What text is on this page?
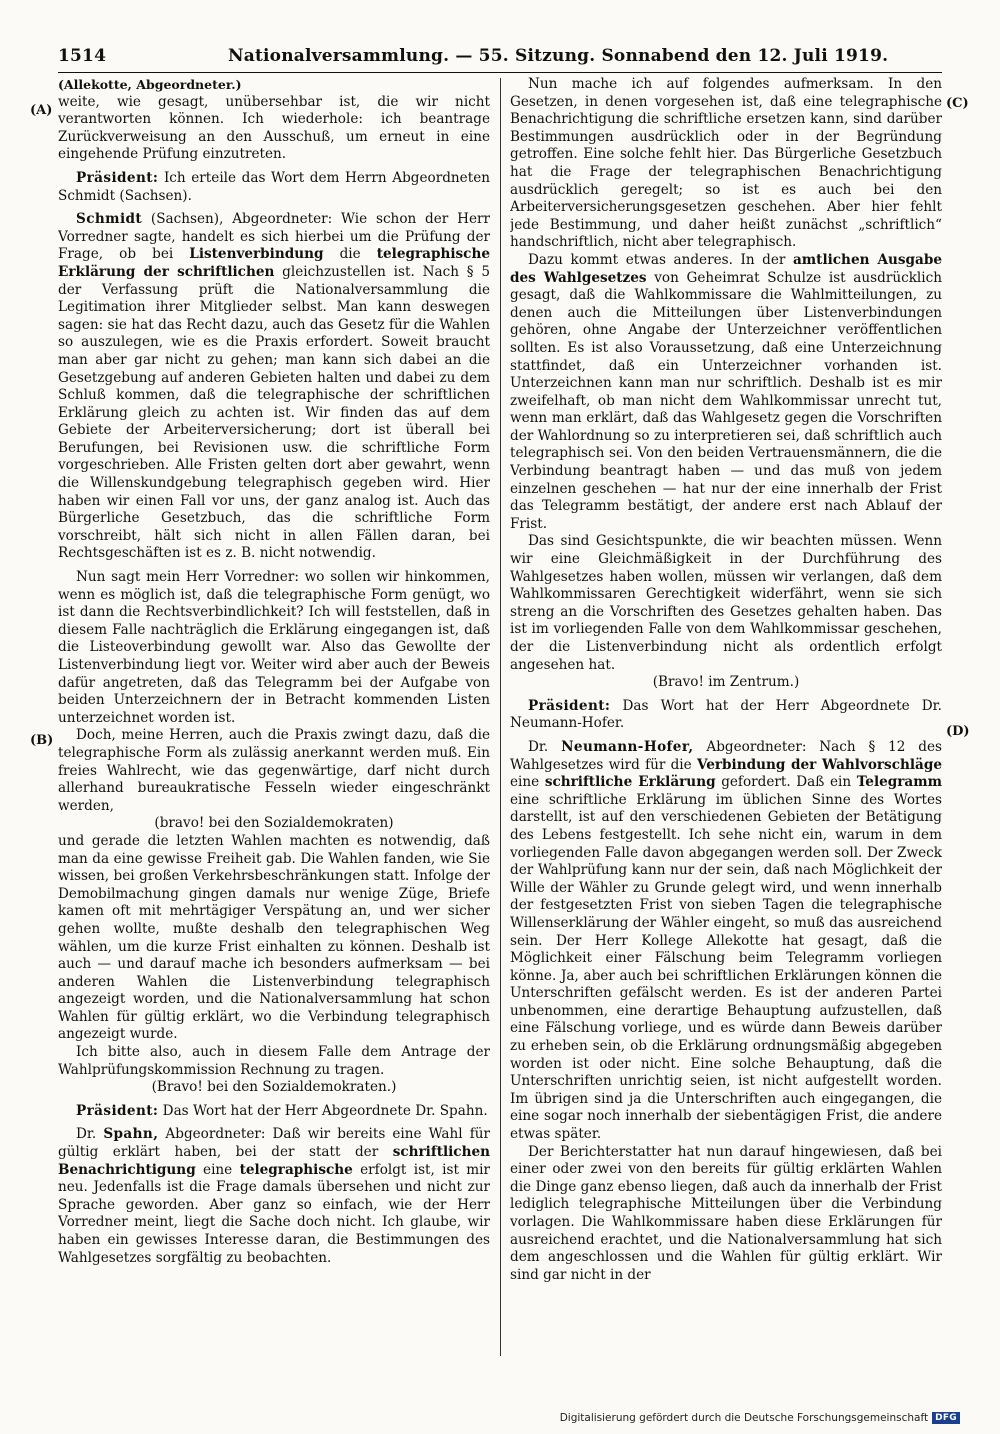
1514	Nationalversammlung. — 55. Sitzung. Sonnabend den 12. Juli 1919.
(A)
(B)
(C)
(D)

(Allekotte, Abgeordneter.)

weite, wie gesagt, unübersehbar ist, die wir nicht verantworten können. Ich wiederhole: ich beantrage Zurückverweisung an den Ausschuß, um erneut in eine eingehende Prüfung einzutreten.

Präsident: Ich erteile das Wort dem Herrn Abgeordneten Schmidt (Sachsen).

Schmidt (Sachsen), Abgeordneter: Wie schon der Herr Vorredner sagte, handelt es sich hierbei um die Prüfung der Frage, ob bei Listenverbindung die telegraphische Erklärung der schriftlichen gleichzustellen ist. Nach § 5 der Verfassung prüft die Nationalversammlung die Legitimation ihrer Mitglieder selbst. Man kann deswegen sagen: sie hat das Recht dazu, auch das Gesetz für die Wahlen so auszulegen, wie es die Praxis erfordert. Soweit braucht man aber gar nicht zu gehen; man kann sich dabei an die Gesetzgebung auf anderen Gebieten halten und dabei zu dem Schluß kommen, daß die telegraphische der schriftlichen Erklärung gleich zu achten ist. Wir finden das auf dem Gebiete der Arbeiterversicherung; dort ist überall bei Berufungen, bei Revisionen usw. die schriftliche Form vorgeschrieben. Alle Fristen gelten dort aber gewahrt, wenn die Willenskundgebung telegraphisch gegeben wird. Hier haben wir einen Fall vor uns, der ganz analog ist. Auch das Bürgerliche Gesetzbuch, das die schriftliche Form vorschreibt, hält sich nicht in allen Fällen daran, bei Rechtsgeschäften ist es z. B. nicht notwendig.

Nun sagt mein Herr Vorredner: wo sollen wir hinkommen, wenn es möglich ist, daß die telegraphische Form genügt, wo ist dann die Rechtsverbindlichkeit? Ich will feststellen, daß in diesem Falle nachträglich die Erklärung eingegangen ist, daß die Listeoverbindung gewollt war. Also das Gewollte der Listenverbindung liegt vor. Weiter wird aber auch der Beweis dafür angetreten, daß das Telegramm bei der Aufgabe von beiden Unterzeichnern der in Betracht kommenden Listen unterzeichnet worden ist.

Doch, meine Herren, auch die Praxis zwingt dazu, daß die telegraphische Form als zulässig anerkannt werden muß. Ein freies Wahlrecht, wie das gegenwärtige, darf nicht durch allerhand bureaukratische Fesseln wieder eingeschränkt werden,

(bravo! bei den Sozialdemokraten)

und gerade die letzten Wahlen machten es notwendig, daß man da eine gewisse Freiheit gab. Die Wahlen fanden, wie Sie wissen, bei großen Verkehrsbeschränkungen statt. Infolge der Demobilmachung gingen damals nur wenige Züge, Briefe kamen oft mit mehrtägiger Verspätung an, und wer sicher gehen wollte, mußte deshalb den telegraphischen Weg wählen, um die kurze Frist einhalten zu können. Deshalb ist auch — und darauf mache ich besonders aufmerksam — bei anderen Wahlen die Listenverbindung telegraphisch angezeigt worden, und die Nationalversammlung hat schon Wahlen für gültig erklärt, wo die Verbindung telegraphisch angezeigt wurde.

Ich bitte also, auch in diesem Falle dem Antrage der Wahlprüfungskommission Rechnung zu tragen.

(Bravo! bei den Sozialdemokraten.)

Präsident: Das Wort hat der Herr Abgeordnete Dr. Spahn.

Dr. Spahn, Abgeordneter: Daß wir bereits eine Wahl für gültig erklärt haben, bei der statt der schriftlichen Benachrichtigung eine telegraphische erfolgt ist, ist mir neu. Jedenfalls ist die Frage damals übersehen und nicht zur Sprache geworden. Aber ganz so einfach, wie der Herr Vorredner meint, liegt die Sache doch nicht. Ich glaube, wir haben ein gewisses Interesse daran, die Bestimmungen des Wahlgesetzes sorgfältig zu beobachten.

Nun mache ich auf folgendes aufmerksam. In den Gesetzen, in denen vorgesehen ist, daß eine telegraphische Benachrichtigung die schriftliche ersetzen kann, sind darüber Bestimmungen ausdrücklich oder in der Begründung getroffen. Eine solche fehlt hier. Das Bürgerliche Gesetzbuch hat die Frage der telegraphischen Benachrichtigung ausdrücklich geregelt; so ist es auch bei den Arbeiterversicherungsgesetzen geschehen. Aber hier fehlt jede Bestimmung, und daher heißt zunächst „schriftlich“ handschriftlich, nicht aber telegraphisch.

Dazu kommt etwas anderes. In der amtlichen Ausgabe des Wahlgesetzes von Geheimrat Schulze ist ausdrücklich gesagt, daß die Wahlkommissare die Wahlmitteilungen, zu denen auch die Mitteilungen über Listenverbindungen gehören, ohne Angabe der Unterzeichner veröffentlichen sollten. Es ist also Voraussetzung, daß eine Unterzeichnung stattfindet, daß ein Unterzeichner vorhanden ist. Unterzeichnen kann man nur schriftlich. Deshalb ist es mir zweifelhaft, ob man nicht dem Wahlkommissar unrecht tut, wenn man erklärt, daß das Wahlgesetz gegen die Vorschriften der Wahlordnung so zu interpretieren sei, daß schriftlich auch telegraphisch sei. Von den beiden Vertrauensmännern, die die Verbindung beantragt haben — und das muß von jedem einzelnen geschehen — hat nur der eine innerhalb der Frist das Telegramm bestätigt, der andere erst nach Ablauf der Frist.

Das sind Gesichtspunkte, die wir beachten müssen. Wenn wir eine Gleichmäßigkeit in der Durchführung des Wahlgesetzes haben wollen, müssen wir verlangen, daß dem Wahlkommissaren Gerechtigkeit widerfährt, wenn sie sich streng an die Vorschriften des Gesetzes gehalten haben. Das ist im vorliegenden Falle von dem Wahlkommissar geschehen, der die Listenverbindung nicht als ordentlich erfolgt angesehen hat.

(Bravo! im Zentrum.)

Präsident: Das Wort hat der Herr Abgeordnete Dr. Neumann-Hofer.

Dr. Neumann-Hofer, Abgeordneter: Nach § 12 des Wahlgesetzes wird für die Verbindung der Wahlvorschläge eine schriftliche Erklärung gefordert. Daß ein Telegramm eine schriftliche Erklärung im üblichen Sinne des Wortes darstellt, ist auf den verschiedenen Gebieten der Betätigung des Lebens festgestellt. Ich sehe nicht ein, warum in dem vorliegenden Falle davon abgegangen werden soll. Der Zweck der Wahlprüfung kann nur der sein, daß nach Möglichkeit der Wille der Wähler zu Grunde gelegt wird, und wenn innerhalb der festgesetzten Frist von sieben Tagen die telegraphische Willenserklärung der Wähler eingeht, so muß das ausreichend sein. Der Herr Kollege Allekotte hat gesagt, daß die Möglichkeit einer Fälschung beim Telegramm vorliegen könne. Ja, aber auch bei schriftlichen Erklärungen können die Unterschriften gefälscht werden. Es ist der anderen Partei unbenommen, eine derartige Behauptung aufzustellen, daß eine Fälschung vorliege, und es würde dann Beweis darüber zu erheben sein, ob die Erklärung ordnungsmäßig abgegeben worden ist oder nicht. Eine solche Behauptung, daß die Unterschriften unrichtig seien, ist nicht aufgestellt worden. Im übrigen sind ja die Unterschriften auch eingegangen, die eine sogar noch innerhalb der siebentägigen Frist, die andere etwas später.

Der Berichterstatter hat nun darauf hingewiesen, daß bei einer oder zwei von den bereits für gültig erklärten Wahlen die Dinge ganz ebenso liegen, daß auch da innerhalb der Frist lediglich telegraphische Mitteilungen über die Verbindung vorlagen. Die Wahlkommissare haben diese Erklärungen für ausreichend erachtet, und die Nationalversammlung hat sich dem angeschlossen und die Wahlen für gültig erklärt. Wir sind gar nicht in der

Digitalisierung gefördert durch die Deutsche Forschungsgemeinschaft DFG
